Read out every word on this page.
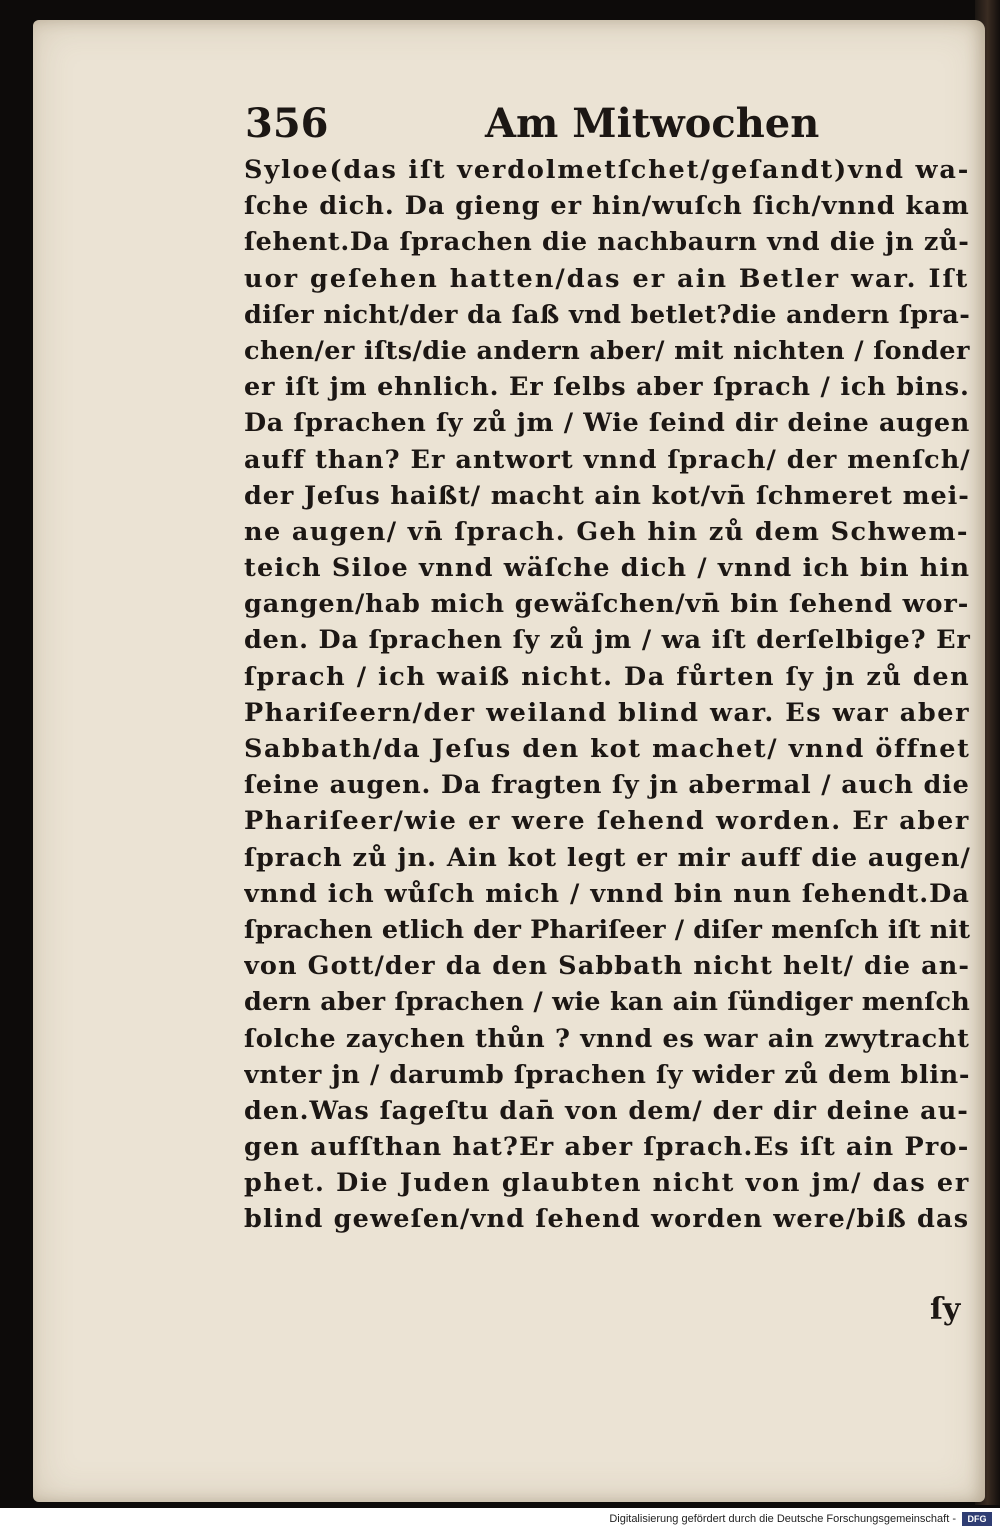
356	Am Mitwochen
Syloe(das iſt verdolmetſchet/geſandt)vnd wa-
ſche dich. Da gieng er hin/wuſch ſich/vnnd kam
ſehent.Da ſprachen die nachbaurn vnd die jn zů-
uor geſehen hatten/das er ain Betler war. Iſt
diſer nicht/der da ſaß vnd betlet?die andern ſpra-
chen/er iſts/die andern aber/ mit nichten / ſonder
er iſt jm ehnlich. Er ſelbs aber ſprach / ich bins.
Da ſprachen ſy zů jm / Wie ſeind dir deine augen
auff than? Er antwort vnnd ſprach/ der menſch/
der Jeſus haißt/ macht ain kot/vn̄ ſchmeret mei-
ne augen/ vn̄ ſprach. Geh hin zů dem Schwem-
teich Siloe vnnd wäſche dich / vnnd ich bin hin
gangen/hab mich gewäſchen/vn̄ bin ſehend wor-
den. Da ſprachen ſy zů jm / wa iſt derſelbige? Er
ſprach / ich waiß nicht. Da fůrten ſy jn zů den
Phariſeern/der weiland blind war. Es war aber
Sabbath/da Jeſus den kot machet/ vnnd öffnet
ſeine augen. Da fragten ſy jn abermal / auch die
Phariſeer/wie er were ſehend worden. Er aber
ſprach zů jn. Ain kot legt er mir auff die augen/
vnnd ich wůſch mich / vnnd bin nun ſehendt.Da
ſprachen etlich der Phariſeer / diſer menſch iſt nit
von Gott/der da den Sabbath nicht helt/ die an-
dern aber ſprachen / wie kan ain ſündiger menſch
ſolche zaychen thůn ? vnnd es war ain zwytracht
vnter jn / darumb ſprachen ſy wider zů dem blin-
den.Was ſageſtu dan̄ von dem/ der dir deine au-
gen aufſthan hat?Er aber ſprach.Es iſt ain Pro-
phet. Die Juden glaubten nicht von jm/ das er
blind geweſen/vnd ſehend worden were/biß das
ſy
Digitalisierung gefördert durch die Deutsche Forschungsgemeinschaft -	DFG
